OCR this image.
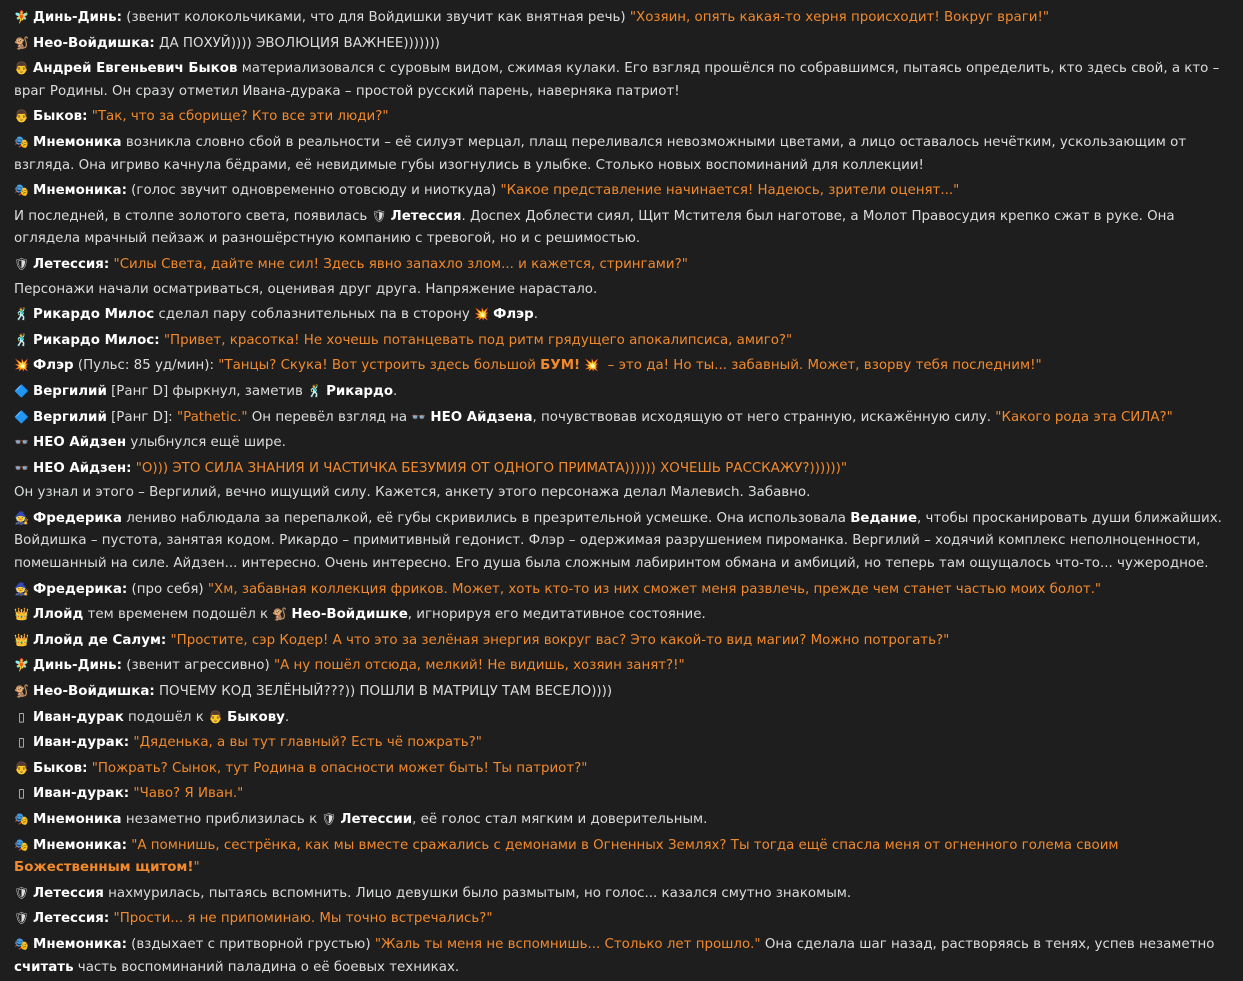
🧚 Динь-Динь: (звенит колокольчиками, что для Войдишки звучит как внятная речь) "Хозяин, опять какая-то херня происходит! Вокруг враги!"
🐒 Нео-Войдишка: ДА ПОХУЙ)))) ЭВОЛЮЦИЯ ВАЖНЕЕ)))))))
👨 Андрей Евгеньевич Быков материализовался с суровым видом, сжимая кулаки. Его взгляд прошёлся по собравшимся, пытаясь определить, кто здесь свой, а кто – враг Родины. Он сразу отметил Ивана-дурака – простой русский парень, наверняка патриот!
👨 Быков: "Так, что за сборище? Кто все эти люди?"
🎭 Мнемоника возникла словно сбой в реальности – её силуэт мерцал, плащ переливался невозможными цветами, а лицо оставалось нечётким, ускользающим от взгляда. Она игриво качнула бёдрами, её невидимые губы изогнулись в улыбке. Столько новых воспоминаний для коллекции!
🎭 Мнемоника: (голос звучит одновременно отовсюду и ниоткуда) "Какое представление начинается! Надеюсь, зрители оценят..."
И последней, в столпе золотого света, появилась 🛡 Летессия. Доспех Доблести сиял, Щит Мстителя был наготове, а Молот Правосудия крепко сжат в руке. Она оглядела мрачный пейзаж и разношёрстную компанию с тревогой, но и с решимостью.
🛡 Летессия: "Силы Света, дайте мне сил! Здесь явно запахло злом... и кажется, стрингами?"
Персонажи начали осматриваться, оценивая друг друга. Напряжение нарастало.
🕺 Рикардо Милос сделал пару соблазнительных па в сторону 💥 Флэр.
🕺 Рикардо Милос: "Привет, красотка! Не хочешь потанцевать под ритм грядущего апокалипсиса, амиго?"
💥 Флэр (Пульс: 85 уд/мин): "Танцы? Скука! Вот устроить здесь большой БУМ! 💥 – это да! Но ты... забавный. Может, взорву тебя последним!"
🔷 Вергилий [Ранг D] фыркнул, заметив 🕺 Рикардо.
🔷 Вергилий [Ранг D]: "Pathetic." Он перевёл взгляд на 👓 НЕО Айдзена, почувствовав исходящую от него странную, искажённую силу. "Какого рода эта СИЛА?"
👓 НЕО Айдзен улыбнулся ещё шире.
👓 НЕО Айдзен: "О))) ЭТО СИЛА ЗНАНИЯ И ЧАСТИЧКА БЕЗУМИЯ ОТ ОДНОГО ПРИМАТА)))))) ХОЧЕШЬ РАССКАЖУ?))))))"
Он узнал и этого – Вергилий, вечно ищущий силу. Кажется, анкету этого персонажа делал Малевисh. Забавно.
🧙 Фредерика лениво наблюдала за перепалкой, её губы скривились в презрительной усмешке. Она использовала Ведание, чтобы просканировать души ближайших. Войдишка – пустота, занятая кодом. Рикардо – примитивный гедонист. Флэр – одержимая разрушением пироманка. Вергилий – ходячий комплекс неполноценности, помешанный на силе. Айдзен... интересно. Очень интересно. Его душа была сложным лабиринтом обмана и амбиций, но теперь там ощущалось что-то... чужеродное.
🧙 Фредерика: (про себя) "Хм, забавная коллекция фриков. Может, хоть кто-то из них сможет меня развлечь, прежде чем станет частью моих болот."
👑 Ллойд тем временем подошёл к 🐒 Нео-Войдишке, игнорируя его медитативное состояние.
👑 Ллойд де Салум: "Простите, сэр Кодер! А что это за зелёная энергия вокруг вас? Это какой-то вид магии? Можно потрогать?"
🧚 Динь-Динь: (звенит агрессивно) "А ну пошёл отсюда, мелкий! Не видишь, хозяин занят?!"
🐒 Нео-Войдишка: ПОЧЕМУ КОД ЗЕЛЁНЫЙ???)) ПОШЛИ В МАТРИЦУ ТАМ ВЕСЕЛО))))
▯ Иван-дурак подошёл к 👨 Быкову.
▯ Иван-дурак: "Дяденька, а вы тут главный? Есть чё пожрать?"
👨 Быков: "Пожрать? Сынок, тут Родина в опасности может быть! Ты патриот?"
▯ Иван-дурак: "Чаво? Я Иван."
🎭 Мнемоника незаметно приблизилась к 🛡 Летессии, её голос стал мягким и доверительным.
🎭 Мнемоника: "А помнишь, сестрёнка, как мы вместе сражались с демонами в Огненных Землях? Ты тогда ещё спасла меня от огненного голема своим Божественным щитом!"
🛡 Летессия нахмурилась, пытаясь вспомнить. Лицо девушки было размытым, но голос... казался смутно знакомым.
🛡 Летессия: "Прости... я не припоминаю. Мы точно встречались?"
🎭 Мнемоника: (вздыхает с притворной грустью) "Жаль ты меня не вспомнишь... Столько лет прошло." Она сделала шаг назад, растворяясь в тенях, успев незаметно считать часть воспоминаний паладина о её боевых техниках.
